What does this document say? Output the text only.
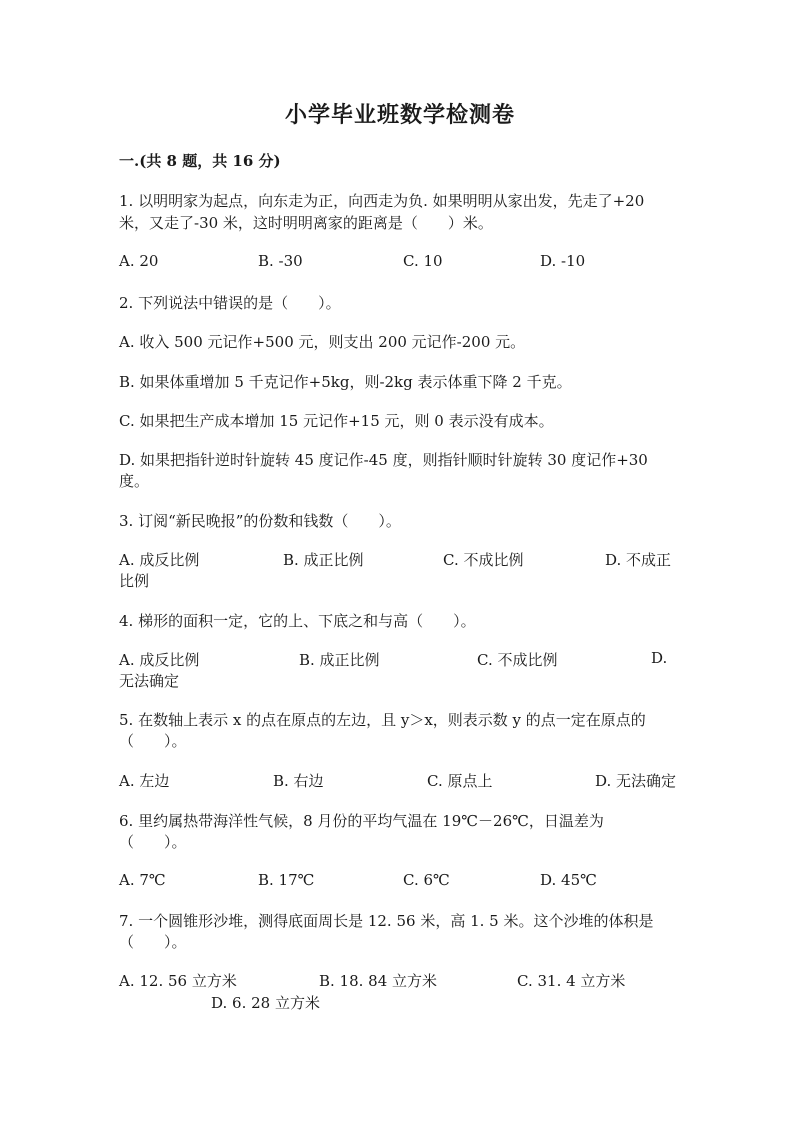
小学毕业班数学检测卷
一.(共 8 题，共 16 分)
1. 以明明家为起点，向东走为正，向西走为负. 如果明明从家出发，先走了+20
米，又走了-30 米，这时明明离家的距离是（　　）米。
A. 20	B. -30	C. 10	D. -10
2. 下列说法中错误的是（　　）。
A. 收入 500 元记作+500 元，则支出 200 元记作-200 元。
B. 如果体重增加 5 千克记作+5kg，则-2kg 表示体重下降 2 千克。
C. 如果把生产成本增加 15 元记作+15 元，则 0 表示没有成本。
D. 如果把指针逆时针旋转 45 度记作-45 度，则指针顺时针旋转 30 度记作+30
度。
3. 订阅“新民晚报”的份数和钱数（　　）。
A. 成反比例	B. 成正比例	C. 不成比例	D. 不成正
比例
4. 梯形的面积一定，它的上、下底之和与高（　　）。
A. 成反比例	B. 成正比例	C. 不成比例	D.
无法确定
5. 在数轴上表示 x 的点在原点的左边，且 y＞x，则表示数 y 的点一定在原点的
（　　）。
A. 左边	B. 右边	C. 原点上	D. 无法确定
6. 里约属热带海洋性气候，8 月份的平均气温在 19℃－26℃，日温差为
（　　）。
A. 7℃	B. 17℃	C. 6℃	D. 45℃
7. 一个圆锥形沙堆，测得底面周长是 12. 56 米，高 1. 5 米。这个沙堆的体积是
（　　）。
A. 12. 56 立方米	B. 18. 84 立方米	C. 31. 4 立方米
D. 6. 28 立方米
